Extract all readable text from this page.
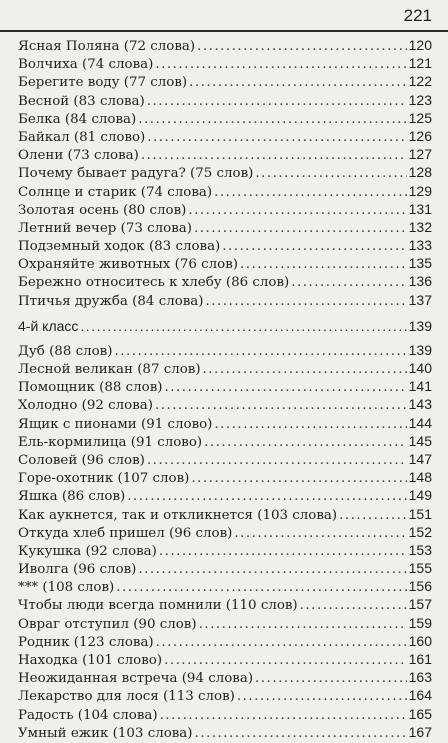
221
Ясная Поляна (72 слова) .....	120
Волчиха (74 слова) .....	121
Берегите воду (77 слов) .....	122
Весной (83 слова) .....	123
Белка (84 слова) .....	125
Байкал (81 слово) .....	126
Олени (73 слова) .....	127
Почему бывает радуга? (75 слов) .....	128
Солнце и старик (74 слова) .....	129
Золотая осень (80 слов) .....	131
Летний вечер (73 слова) .....	132
Подземный ходок (83 слова) .....	133
Охраняйте животных (76 слов) .....	135
Бережно относитесь к хлебу (86 слов) .....	136
Птичья дружба (84 слова) .....	137
4-й класс .....	139
Дуб (88 слов) .....	139
Лесной великан (87 слов) .....	140
Помощник (88 слов) .....	141
Холодно (92 слова) .....	143
Ящик с пионами (91 слово) .....	144
Ель-кормилица (91 слово) .....	145
Соловей (96 слов) .....	147
Горе-охотник (107 слов) .....	148
Яшка (86 слов) .....	149
Как аукнется, так и откликнется (103 слова) .....	151
Откуда хлеб пришел (96 слов) .....	152
Кукушка (92 слова) .....	153
Иволга (96 слов) .....	155
*** (108 слов) .....	156
Чтобы люди всегда помнили (110 слов) .....	157
Овраг отступил (90 слов) .....	159
Родник (123 слова) .....	160
Находка (101 слово) .....	161
Неожиданная встреча (94 слова) .....	163
Лекарство для лося (113 слов) .....	164
Радость (104 слова) .....	165
Умный ежик (103 слова) .....	167
